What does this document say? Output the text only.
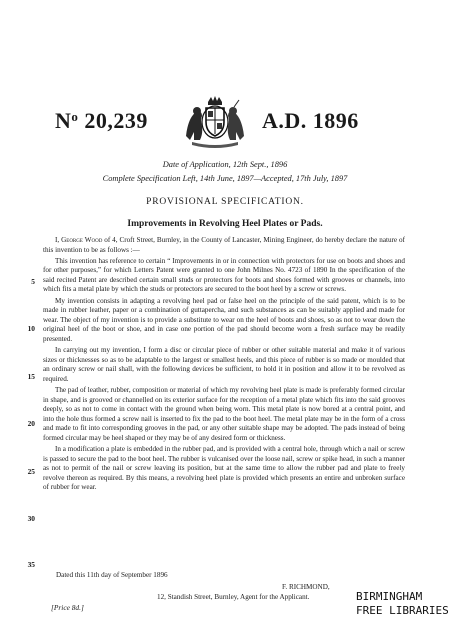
$N^o$ 20,239	A.D. 1896
Date of Application, 12th Sept., 1896
Complete Specification Left, 14th June, 1897—Accepted, 17th July, 1897
PROVISIONAL SPECIFICATION.
Improvements in Revolving Heel Plates or Pads.

I, George Wood of 4, Croft Street, Burnley, in the County of Lancaster, Mining Engineer, do hereby declare the nature of this invention to be as follows :—

This invention has reference to certain “ Improvements in or in connection with protectors for use on boots and shoes and for other purposes,” for which Letters Patent were granted to one John Milnes No. 4723 of 1890 In the specification of the said recited Patent are described certain small studs or protectors for boots and shoes formed with grooves or channels, into which fits a metal plate by which the studs or protectors are secured to the boot heel by a screw or screws.

My invention consists in adapting a revolving heel pad or false heel on the principle of the said patent, which is to be made in rubber leather, paper or a combination of guttapercha, and such substances as can be suitably applied and made for wear. The object of my invention is to provide a substitute to wear on the heel of boots and shoes, so as not to wear down the original heel of the boot or shoe, and in case one portion of the pad should become worn a fresh surface may be readily presented.

In carrying out my invention, I form a disc or circular piece of rubber or other suitable material and make it of various sizes or thicknesses so as to be adaptable to the largest or smallest heels, and this piece of rubber is so made or moulded that an ordinary screw or nail shall, with the following devices be sufficient, to hold it in position and allow it to be revolved as required.

The pad of leather, rubber, composition or material of which my revolving heel plate is made is preferably formed circular in shape, and is grooved or channelled on its exterior surface for the reception of a metal plate which fits into the said grooves deeply, so as not to come in contact with the ground when being worn. This metal plate is now bored at a central point, and into the hole thus formed a screw nail is inserted to fix the pad to the boot heel. The metal plate may be in the form of a cross and made to fit into corresponding grooves in the pad, or any other suitable shape may be adopted. The pads instead of being formed circular may be heel shaped or they may be of any desired form or thickness.

In a modification a plate is embedded in the rubber pad, and is provided with a central hole, through which a nail or screw is passed to secure the pad to the boot heel. The rubber is vulcanised over the loose nail, screw or spike head, in such a manner as not to permit of the nail or screw leaving its position, but at the same time to allow the rubber pad and plate to freely revolve thereon as required. By this means, a revolving heel plate is provided which presents an entire and unbroken surface of rubber for wear.

5
10
15
20
25
30
35
Dated this 11th day of September 1896
F. RICHMOND,
12, Standish Street, Burnley, Agent for the Applicant.
[Price 8d.]
BIRMINGHAM
FREE LIBRARIES
